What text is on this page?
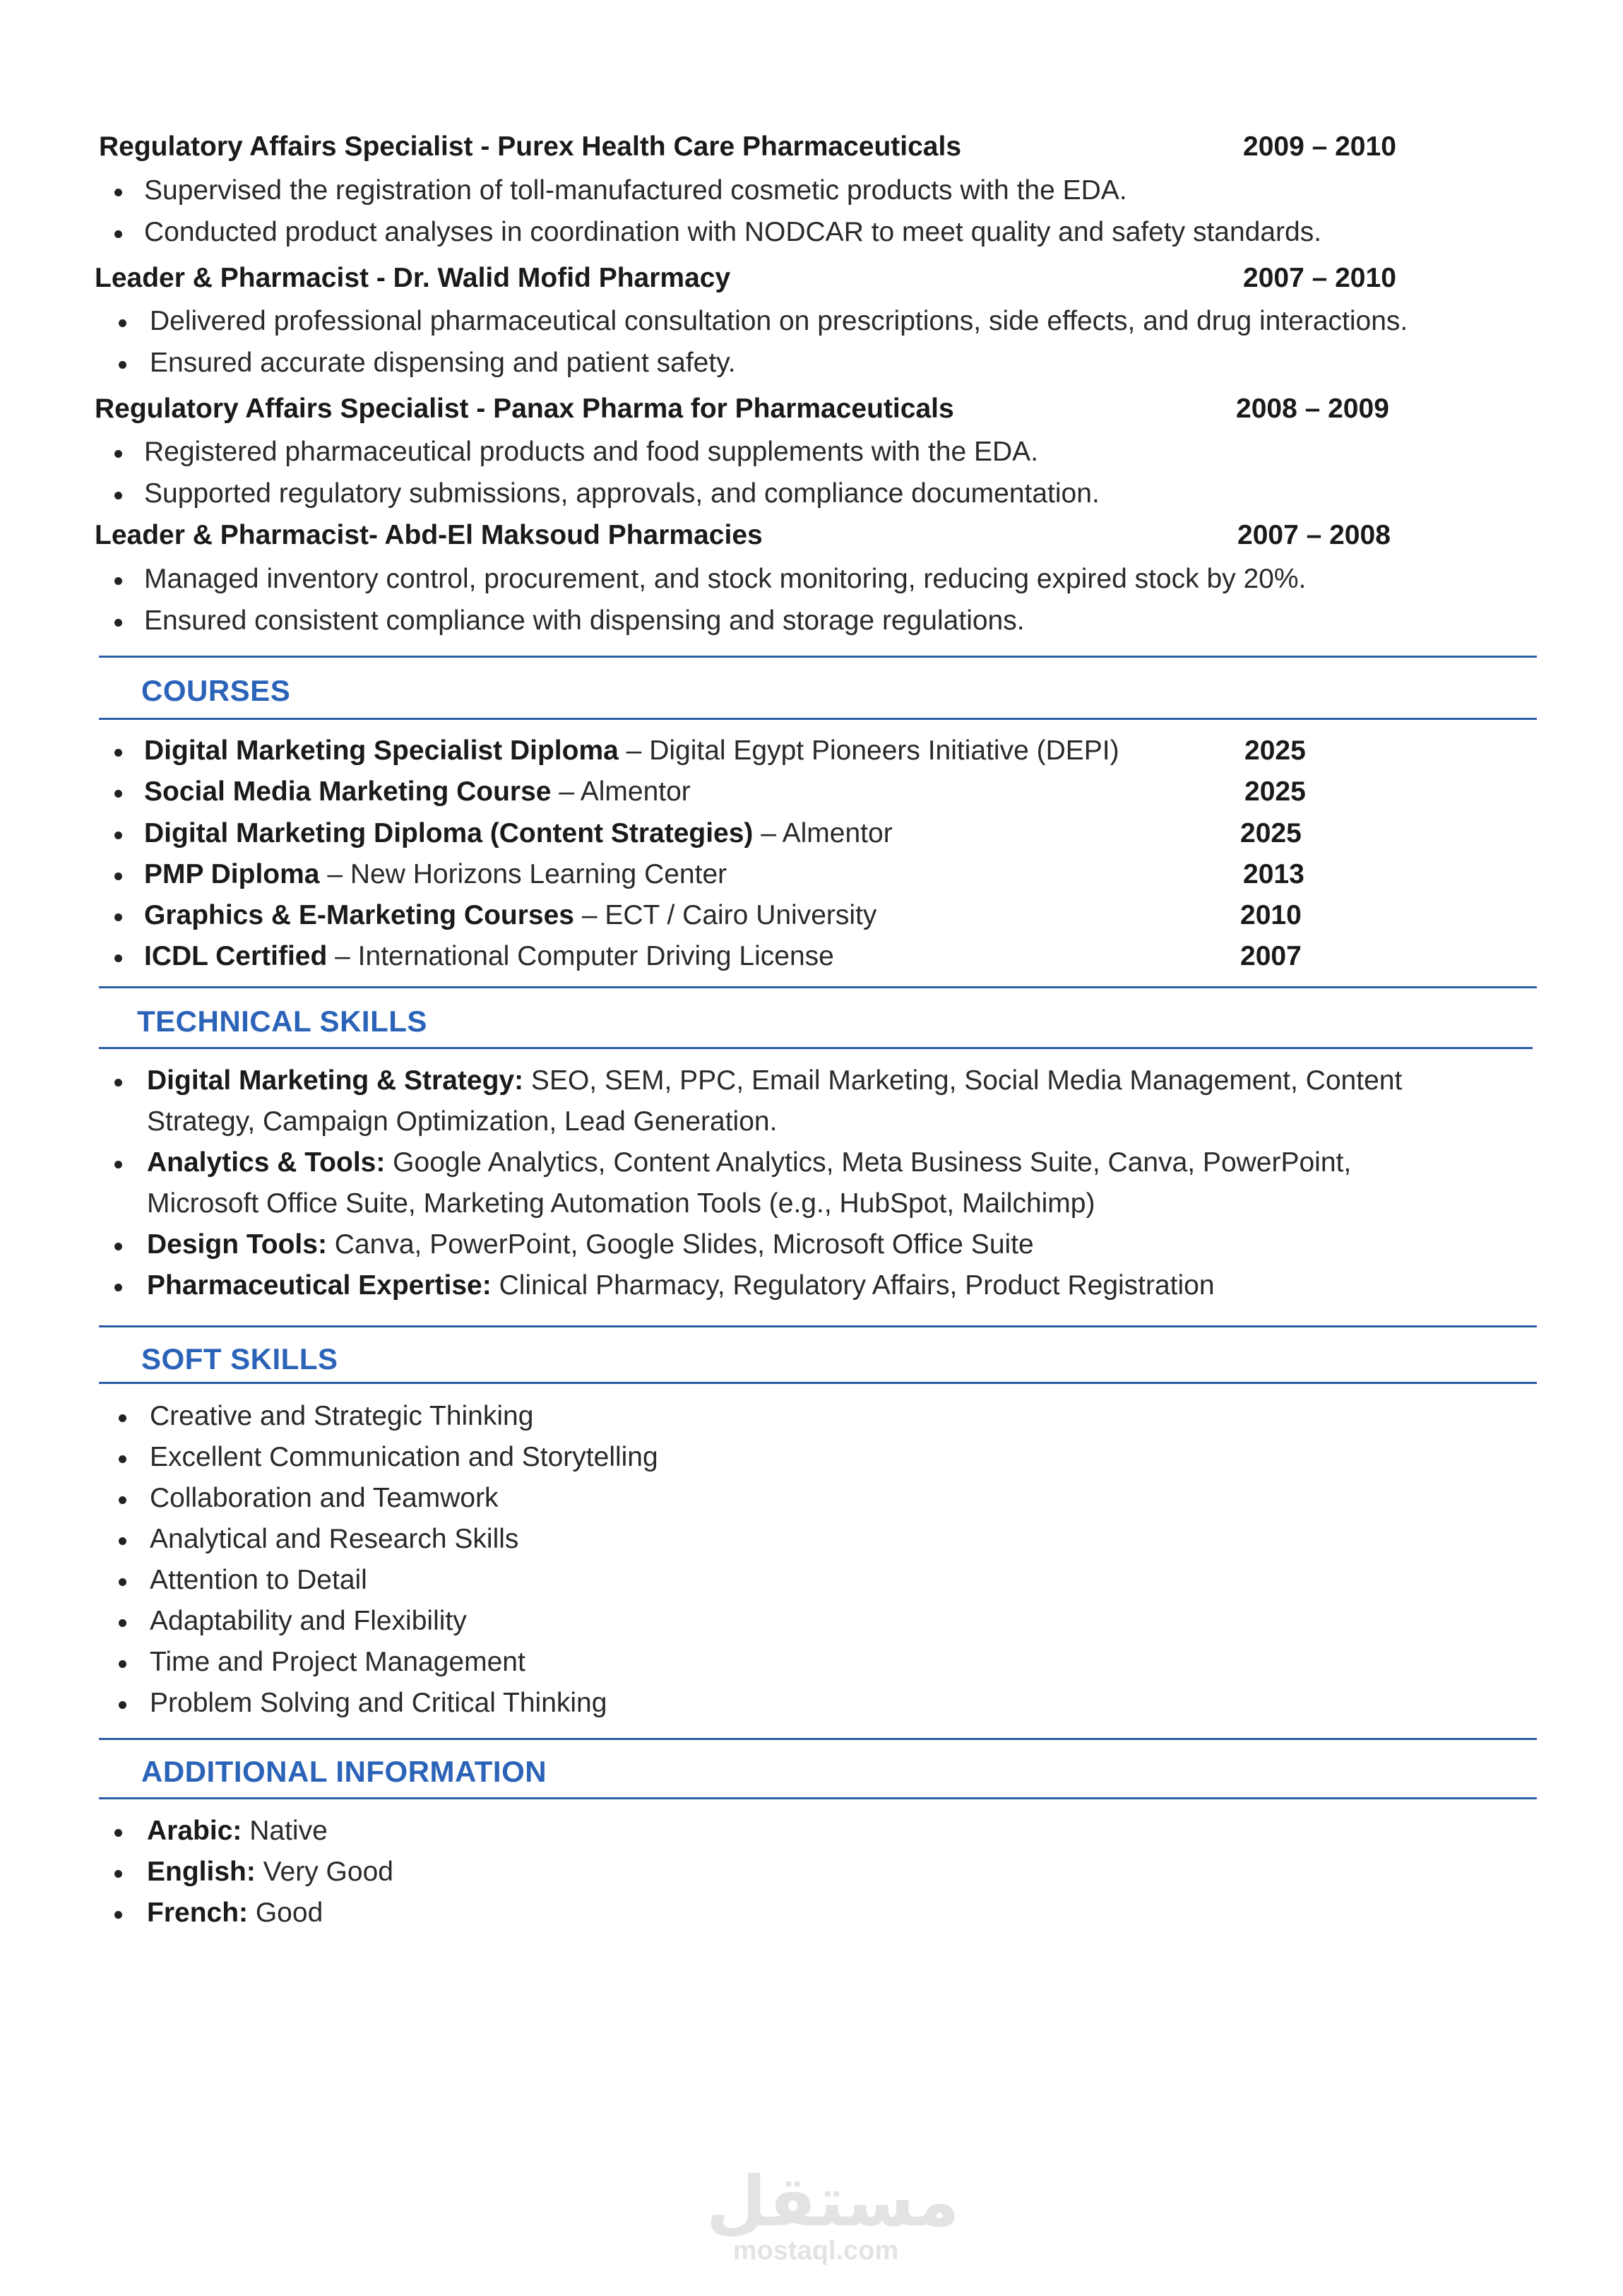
Regulatory Affairs Specialist - Purex Health Care Pharmaceuticals	2009 – 2010
Supervised the registration of toll-manufactured cosmetic products with the EDA.
Conducted product analyses in coordination with NODCAR to meet quality and safety standards.
Leader & Pharmacist - Dr. Walid Mofid Pharmacy	2007 – 2010
Delivered professional pharmaceutical consultation on prescriptions, side effects, and drug interactions.
Ensured accurate dispensing and patient safety.
Regulatory Affairs Specialist - Panax Pharma for Pharmaceuticals	2008 – 2009
Registered pharmaceutical products and food supplements with the EDA.
Supported regulatory submissions, approvals, and compliance documentation.
Leader & Pharmacist- Abd-El Maksoud Pharmacies	2007 – 2008
Managed inventory control, procurement, and stock monitoring, reducing expired stock by 20%.
Ensured consistent compliance with dispensing and storage regulations.
COURSES
Digital Marketing Specialist Diploma – Digital Egypt Pioneers Initiative (DEPI)	2025
Social Media Marketing Course – Almentor	2025
Digital Marketing Diploma (Content Strategies) – Almentor	2025
PMP Diploma – New Horizons Learning Center	2013
Graphics & E-Marketing Courses – ECT / Cairo University	2010
ICDL Certified – International Computer Driving License	2007
TECHNICAL SKILLS
Digital Marketing & Strategy: SEO, SEM, PPC, Email Marketing, Social Media Management, Content
Strategy, Campaign Optimization, Lead Generation.
Analytics & Tools: Google Analytics, Content Analytics, Meta Business Suite, Canva, PowerPoint,
Microsoft Office Suite, Marketing Automation Tools (e.g., HubSpot, Mailchimp)
Design Tools: Canva, PowerPoint, Google Slides, Microsoft Office Suite
Pharmaceutical Expertise: Clinical Pharmacy, Regulatory Affairs, Product Registration
SOFT SKILLS
Creative and Strategic Thinking
Excellent Communication and Storytelling
Collaboration and Teamwork
Analytical and Research Skills
Attention to Detail
Adaptability and Flexibility
Time and Project Management
Problem Solving and Critical Thinking
ADDITIONAL INFORMATION
Arabic: Native
English: Very Good
French: Good
مستقل
mostaql.com
